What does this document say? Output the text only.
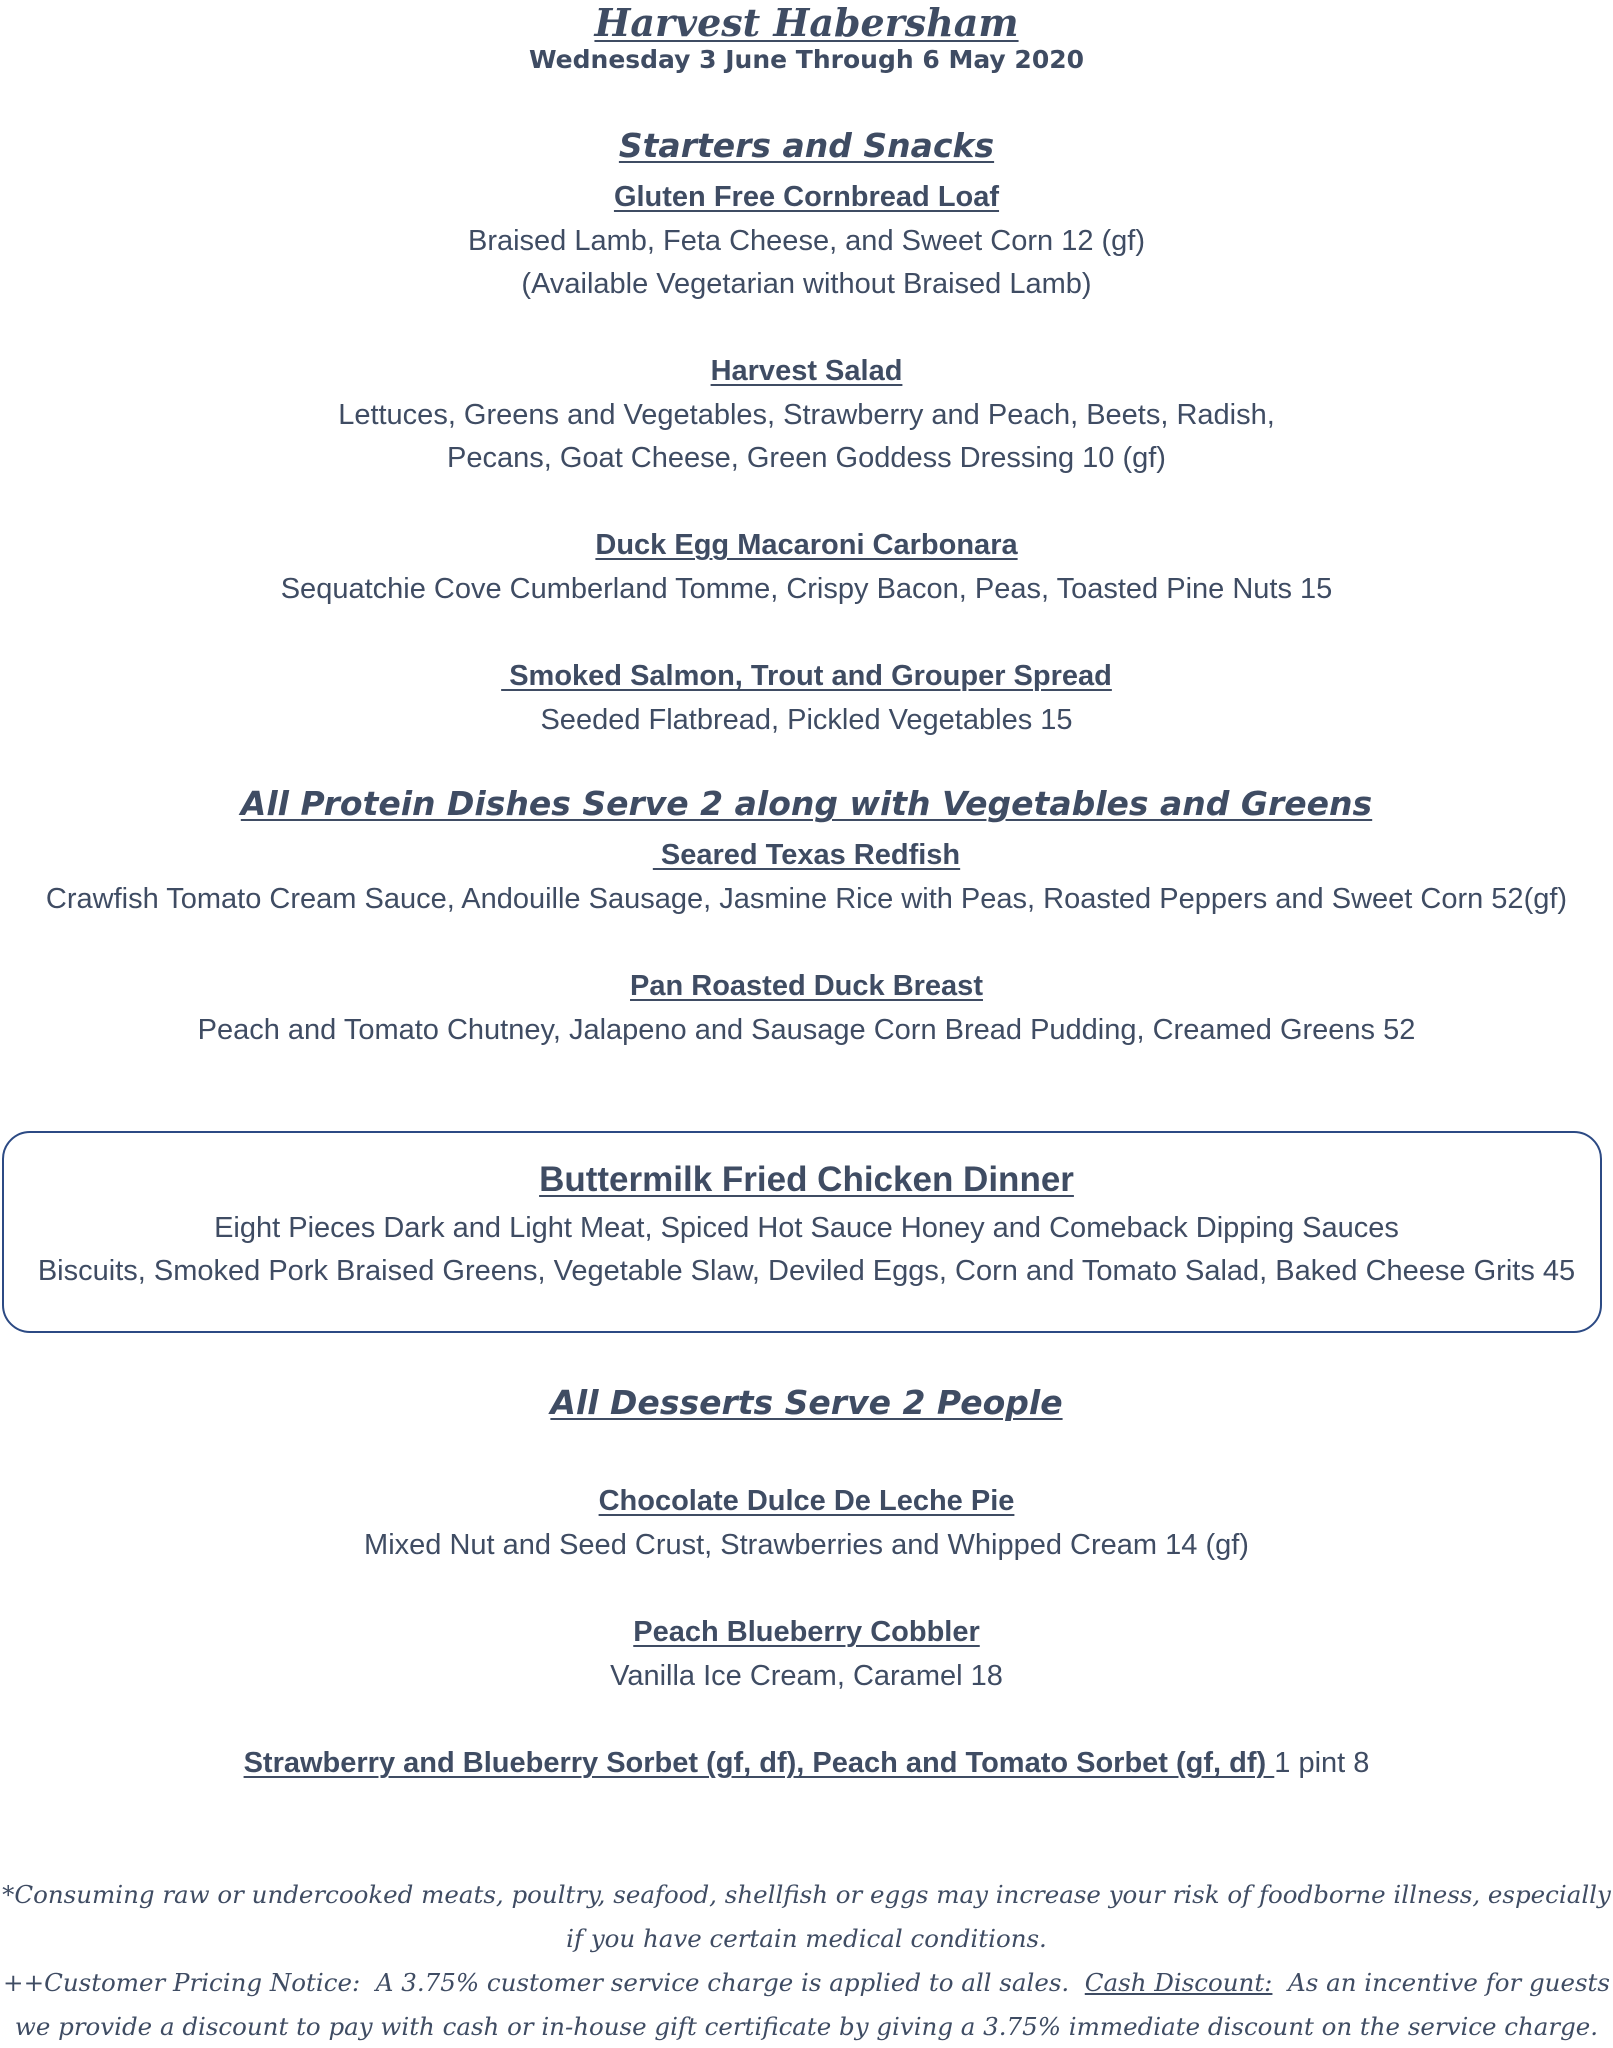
Harvest Habersham
Wednesday 3 June Through 6 May 2020
Starters and Snacks
Gluten Free Cornbread Loaf
Braised Lamb, Feta Cheese, and Sweet Corn 12 (gf)
(Available Vegetarian without Braised Lamb)
Harvest Salad
Lettuces, Greens and Vegetables, Strawberry and Peach, Beets, Radish,
Pecans, Goat Cheese, Green Goddess Dressing 10 (gf)
Duck Egg Macaroni Carbonara
Sequatchie Cove Cumberland Tomme, Crispy Bacon, Peas, Toasted Pine Nuts 15
Smoked Salmon, Trout and Grouper Spread
Seeded Flatbread, Pickled Vegetables 15
All Protein Dishes Serve 2 along with Vegetables and Greens
Seared Texas Redfish
Crawfish Tomato Cream Sauce, Andouille Sausage, Jasmine Rice with Peas, Roasted Peppers and Sweet Corn 52(gf)
Pan Roasted Duck Breast
Peach and Tomato Chutney, Jalapeno and Sausage Corn Bread Pudding, Creamed Greens 52
Buttermilk Fried Chicken Dinner
Eight Pieces Dark and Light Meat, Spiced Hot Sauce Honey and Comeback Dipping Sauces
Biscuits, Smoked Pork Braised Greens, Vegetable Slaw, Deviled Eggs, Corn and Tomato Salad, Baked Cheese Grits 45
All Desserts Serve 2 People
Chocolate Dulce De Leche Pie
Mixed Nut and Seed Crust, Strawberries and Whipped Cream 14 (gf)
Peach Blueberry Cobbler
Vanilla Ice Cream, Caramel 18
Strawberry and Blueberry Sorbet (gf, df), Peach and Tomato Sorbet (gf, df) 1 pint 8
*Consuming raw or undercooked meats, poultry, seafood, shellfish or eggs may increase your risk of foodborne illness, especially
if you have certain medical conditions.
++Customer Pricing Notice:  A 3.75% customer service charge is applied to all sales.  Cash Discount:  As an incentive for guests
we provide a discount to pay with cash or in-house gift certificate by giving a 3.75% immediate discount on the service charge.
